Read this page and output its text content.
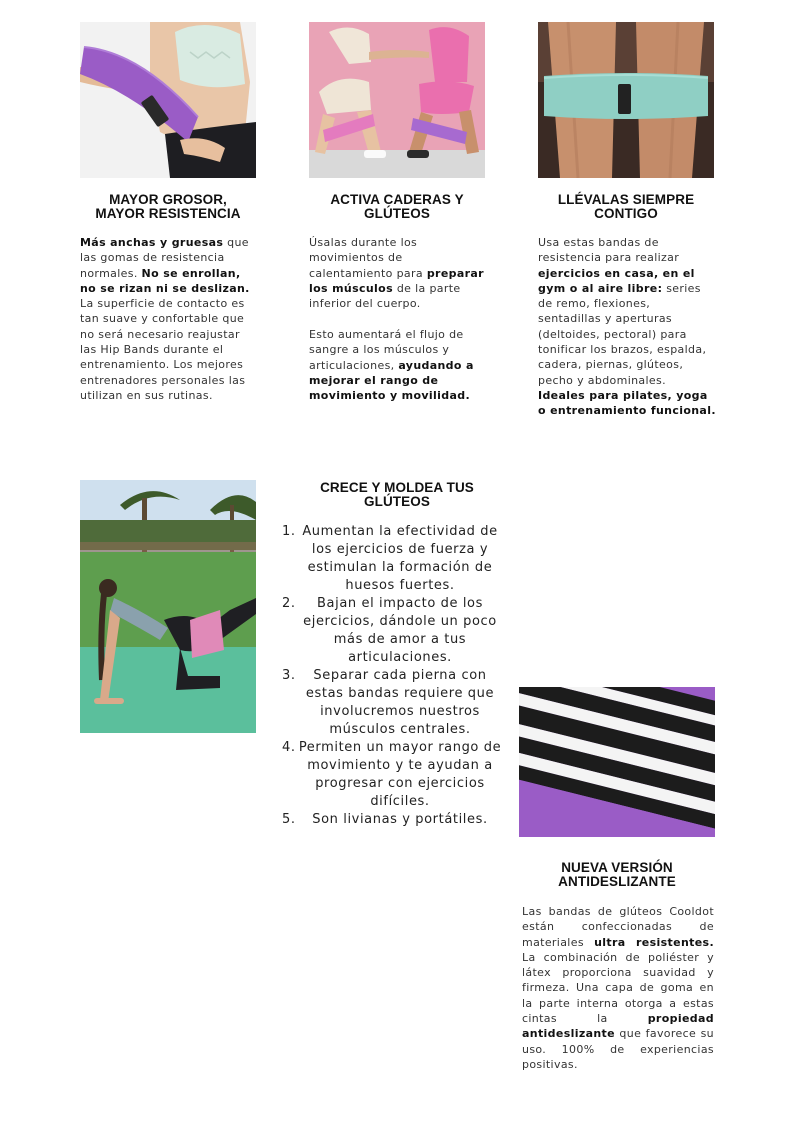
MAYOR GROSOR,
MAYOR RESISTENCIA
Más anchas y gruesas que las gomas de resistencia normales. No se enrollan, no se rizan ni se deslizan. La superficie de contacto es tan suave y confortable que no será necesario reajustar las Hip Bands durante el entrenamiento. Los mejores entrenadores personales las utilizan en sus rutinas.
ACTIVA CADERAS Y
GLÚTEOS
Úsalas durante los movimientos de calentamiento para preparar los músculos de la parte inferior del cuerpo.
Esto aumentará el flujo de sangre a los músculos y articulaciones, ayudando a mejorar el rango de movimiento y movilidad.
LLÉVALAS SIEMPRE
CONTIGO
Usa estas bandas de resistencia para realizar ejercicios en casa, en el gym o al aire libre: series de remo, flexiones, sentadillas y aperturas (deltoides, pectoral) para tonificar los brazos, espalda, cadera, piernas, glúteos, pecho y abdominales. Ideales para pilates, yoga o entrenamiento funcional.
CRECE Y MOLDEA TUS
GLÚTEOS
1. Aumentan la efectividad de los ejercicios de fuerza y estimulan la formación de huesos fuertes.
2. Bajan el impacto de los ejercicios, dándole un poco más de amor a tus articulaciones.
3. Separar cada pierna con estas bandas requiere que involucremos nuestros músculos centrales.
4. Permiten un mayor rango de movimiento y te ayudan a progresar con ejercicios difíciles.
5. Son livianas y portátiles.
NUEVA VERSIÓN
ANTIDESLIZANTE
Las bandas de glúteos Cooldot están confeccionadas de materiales ultra resistentes. La combinación de poliéster y látex proporciona suavidad y firmeza. Una capa de goma en la parte interna otorga a estas cintas la propiedad antideslizante que favorece su uso. 100% de experiencias positivas.
